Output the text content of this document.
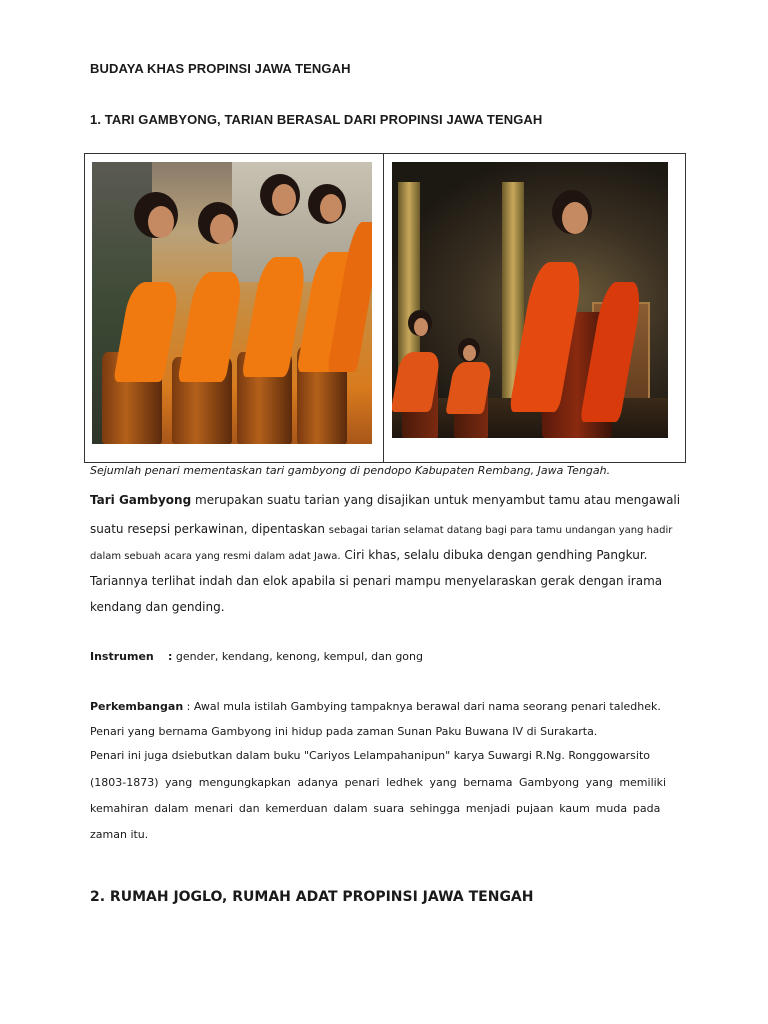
BUDAYA KHAS PROPINSI JAWA TENGAH
1. TARI GAMBYONG, TARIAN BERASAL DARI PROPINSI JAWA TENGAH
Sejumlah penari mementaskan tari gambyong di pendopo Kabupaten Rembang, Jawa Tengah.
Tari Gambyong merupakan suatu tarian yang disajikan untuk menyambut tamu atau mengawali
suatu resepsi perkawinan, dipentaskan sebagai tarian selamat datang bagi para tamu undangan yang hadir
dalam sebuah acara yang resmi dalam adat Jawa. Ciri khas, selalu dibuka dengan gendhing Pangkur.
Tariannya terlihat indah dan elok apabila si penari mampu menyelaraskan gerak dengan irama
kendang dan gending.
Instrumen : gender, kendang, kenong, kempul, dan gong
Perkembangan : Awal mula istilah Gambying tampaknya berawal dari nama seorang penari taledhek.
Penari yang bernama Gambyong ini hidup pada zaman Sunan Paku Buwana IV di Surakarta.
Penari ini juga dsiebutkan dalam buku "Cariyos Lelampahanipun" karya Suwargi R.Ng. Ronggowarsito
(1803-1873) yang mengungkapkan adanya penari ledhek yang bernama Gambyong yang memiliki
kemahiran dalam menari dan kemerduan dalam suara sehingga menjadi pujaan kaum muda pada
zaman itu.
2. RUMAH JOGLO, RUMAH ADAT PROPINSI JAWA TENGAH
